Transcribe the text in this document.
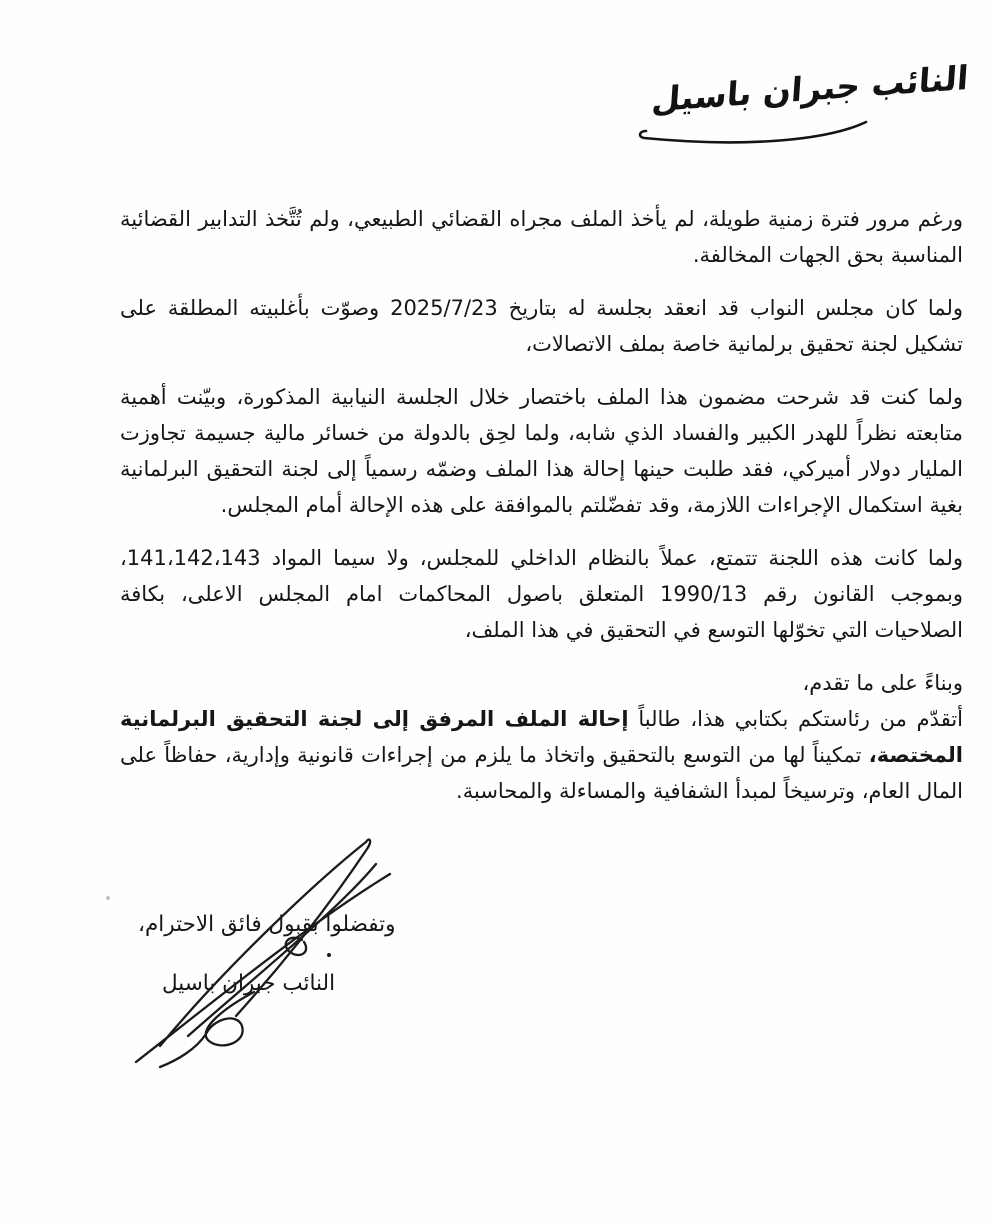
النائب جبران باسيل

ورغم مرور فترة زمنية طويلة، لم يأخذ الملف مجراه القضائي الطبيعي، ولم تُتَّخذ التدابير القضائية المناسبة بحق الجهات المخالفة.

ولما كان مجلس النواب قد انعقد بجلسة له بتاريخ 2025/7/23 وصوّت بأغلبيته المطلقة على تشكيل لجنة تحقيق برلمانية خاصة بملف الاتصالات،

ولما كنت قد شرحت مضمون هذا الملف باختصار خلال الجلسة النيابية المذكورة، وبيّنت أهمية متابعته نظراً للهدر الكبير والفساد الذي شابه، ولما لحِق بالدولة من خسائر مالية جسيمة تجاوزت المليار دولار أميركي، فقد طلبت حينها إحالة هذا الملف وضمّه رسمياً إلى لجنة التحقيق البرلمانية بغية استكمال الإجراءات اللازمة، وقد تفضّلتم بالموافقة على هذه الإحالة أمام المجلس.

ولما كانت هذه اللجنة تتمتع، عملاً بالنظام الداخلي للمجلس، ولا سيما المواد 141،142،143، وبموجب القانون رقم 1990/13 المتعلق باصول المحاكمات امام المجلس الاعلى، بكافة الصلاحيات التي تخوّلها التوسع في التحقيق في هذا الملف،

وبناءً على ما تقدم،

أتقدّم من رئاستكم بكتابي هذا، طالباً إحالة الملف المرفق إلى لجنة التحقيق البرلمانية المختصة، تمكيناً لها من التوسع بالتحقيق واتخاذ ما يلزم من إجراءات قانونية وإدارية، حفاظاً على المال العام، وترسيخاً لمبدأ الشفافية والمساءلة والمحاسبة.

وتفضلوا بقبول فائق الاحترام،
النائب جبران باسيل
